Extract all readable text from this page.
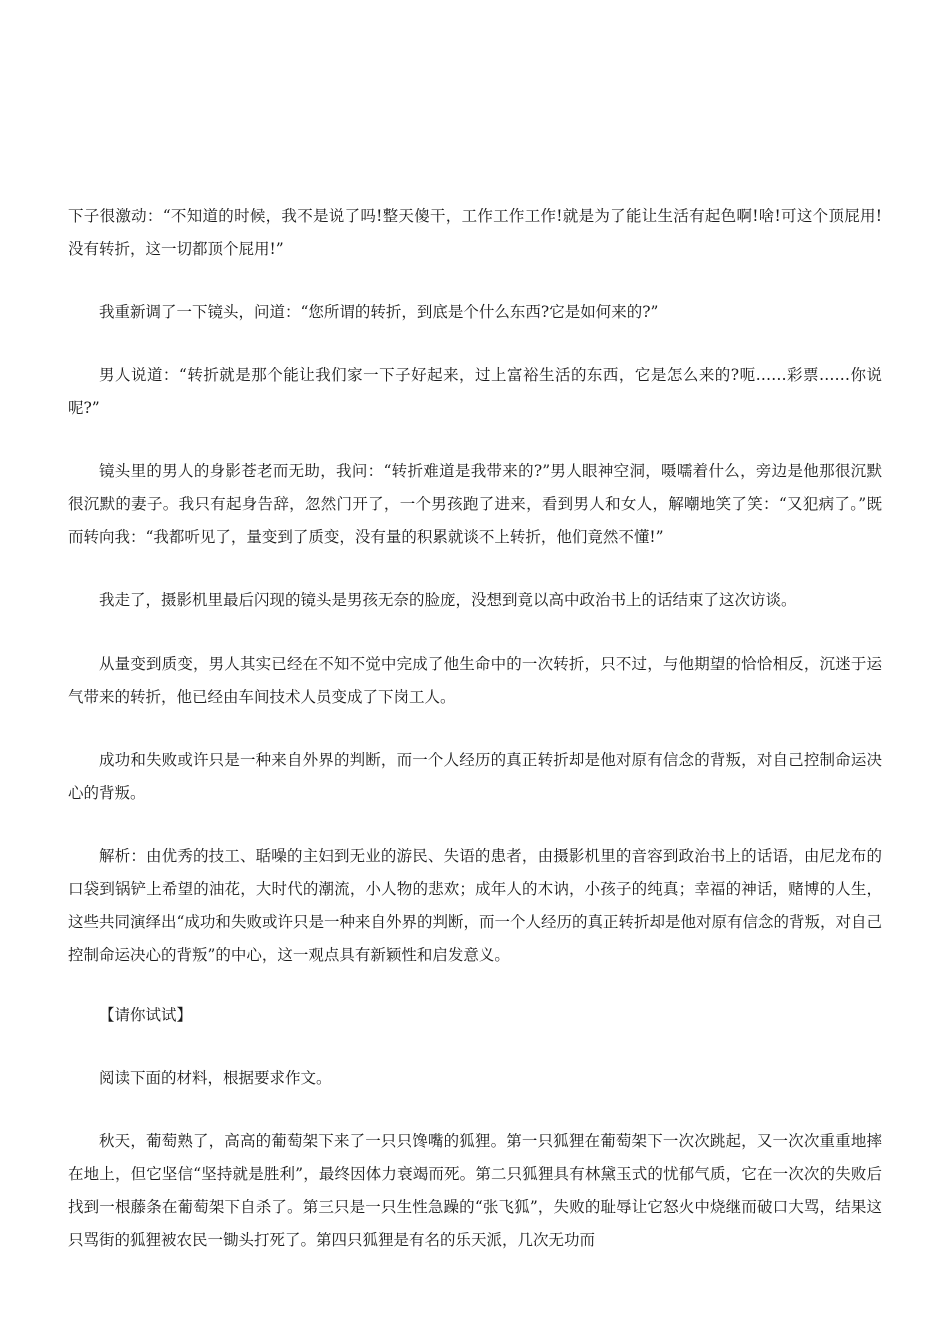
下子很激动：“不知道的时候，我不是说了吗!整天傻干，工作工作工作!就是为了能让生活有起色啊!啥!可这个顶屁用!没有转折，这一切都顶个屁用!”

我重新调了一下镜头，问道：“您所谓的转折，到底是个什么东西?它是如何来的?”

男人说道：“转折就是那个能让我们家一下子好起来，过上富裕生活的东西，它是怎么来的?呃……彩票……你说呢?”

镜头里的男人的身影苍老而无助，我问：“转折难道是我带来的?”男人眼神空洞，嗫嚅着什么，旁边是他那很沉默很沉默的妻子。我只有起身告辞，忽然门开了，一个男孩跑了进来，看到男人和女人，解嘲地笑了笑：“又犯病了。”既而转向我：“我都听见了，量变到了质变，没有量的积累就谈不上转折，他们竟然不懂!”

我走了，摄影机里最后闪现的镜头是男孩无奈的脸庞，没想到竟以高中政治书上的话结束了这次访谈。

从量变到质变，男人其实已经在不知不觉中完成了他生命中的一次转折，只不过，与他期望的恰恰相反，沉迷于运气带来的转折，他已经由车间技术人员变成了下岗工人。

成功和失败或许只是一种来自外界的判断，而一个人经历的真正转折却是他对原有信念的背叛，对自己控制命运决心的背叛。

解析：由优秀的技工、聒噪的主妇到无业的游民、失语的患者，由摄影机里的音容到政治书上的话语，由尼龙布的口袋到锅铲上希望的油花，大时代的潮流，小人物的悲欢；成年人的木讷，小孩子的纯真；幸福的神话，赌博的人生，这些共同演绎出“成功和失败或许只是一种来自外界的判断，而一个人经历的真正转折却是他对原有信念的背叛，对自己控制命运决心的背叛”的中心，这一观点具有新颖性和启发意义。

【请你试试】

阅读下面的材料，根据要求作文。

秋天，葡萄熟了，高高的葡萄架下来了一只只馋嘴的狐狸。第一只狐狸在葡萄架下一次次跳起，又一次次重重地摔在地上，但它坚信“坚持就是胜利”，最终因体力衰竭而死。第二只狐狸具有林黛玉式的忧郁气质，它在一次次的失败后找到一根藤条在葡萄架下自杀了。第三只是一只生性急躁的“张飞狐”，失败的耻辱让它怒火中烧继而破口大骂，结果这只骂街的狐狸被农民一锄头打死了。第四只狐狸是有名的乐天派，几次无功而
